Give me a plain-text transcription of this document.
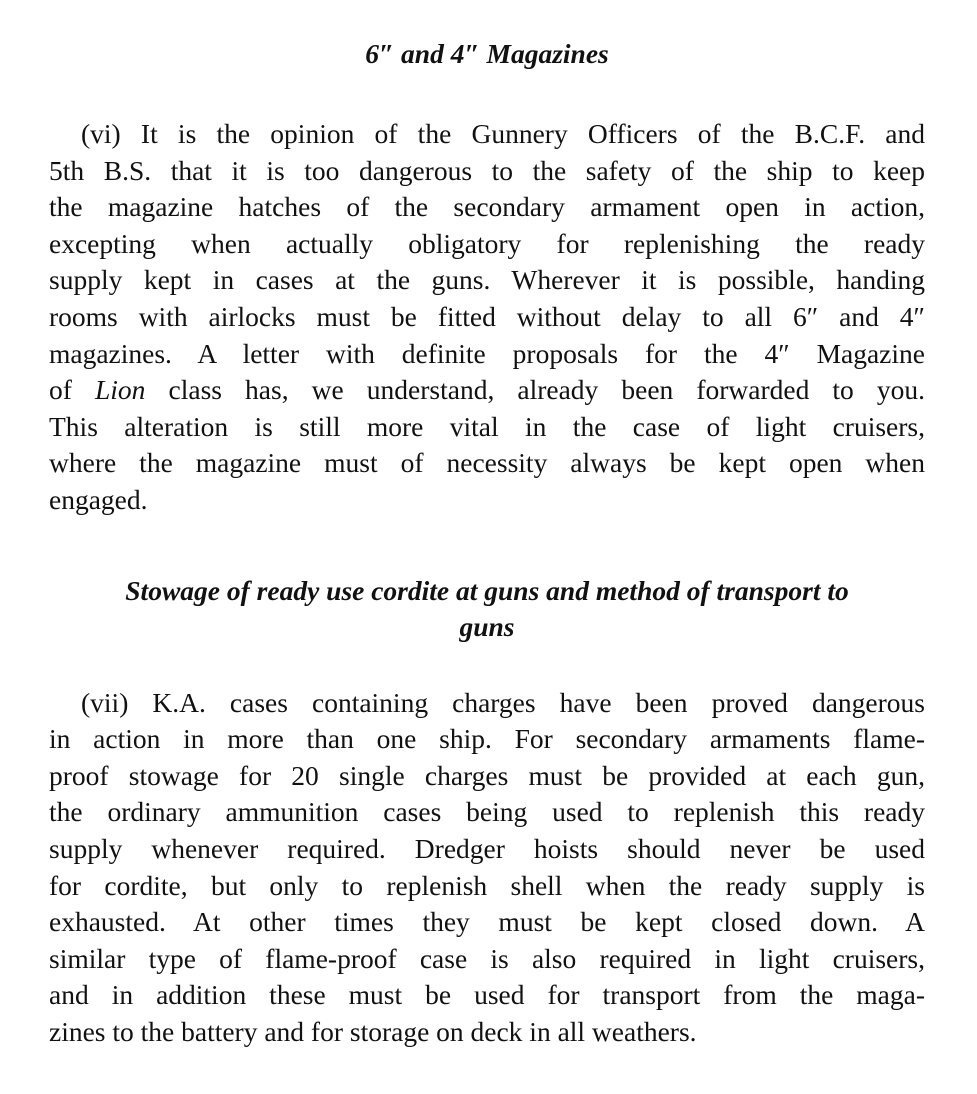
6″ and 4″ Magazines

(vi) It is the opinion of the Gunnery Officers of the B.C.F. and
5th B.S. that it is too dangerous to the safety of the ship to keep
the magazine hatches of the secondary armament open in action,
excepting when actually obligatory for replenishing the ready
supply kept in cases at the guns. Wherever it is possible, handing
rooms with airlocks must be fitted without delay to all 6″ and 4″
magazines. A letter with definite proposals for the 4″ Magazine
of Lion class has, we understand, already been forwarded to you.
This alteration is still more vital in the case of light cruisers,
where the magazine must of necessity always be kept open when
engaged.

Stowage of ready use cordite at guns and method of transport to
guns

(vii) K.A. cases containing charges have been proved dangerous
in action in more than one ship. For secondary armaments flame-
proof stowage for 20 single charges must be provided at each gun,
the ordinary ammunition cases being used to replenish this ready
supply whenever required. Dredger hoists should never be used
for cordite, but only to replenish shell when the ready supply is
exhausted. At other times they must be kept closed down. A
similar type of flame-proof case is also required in light cruisers,
and in addition these must be used for transport from the maga-
zines to the battery and for storage on deck in all weathers.
